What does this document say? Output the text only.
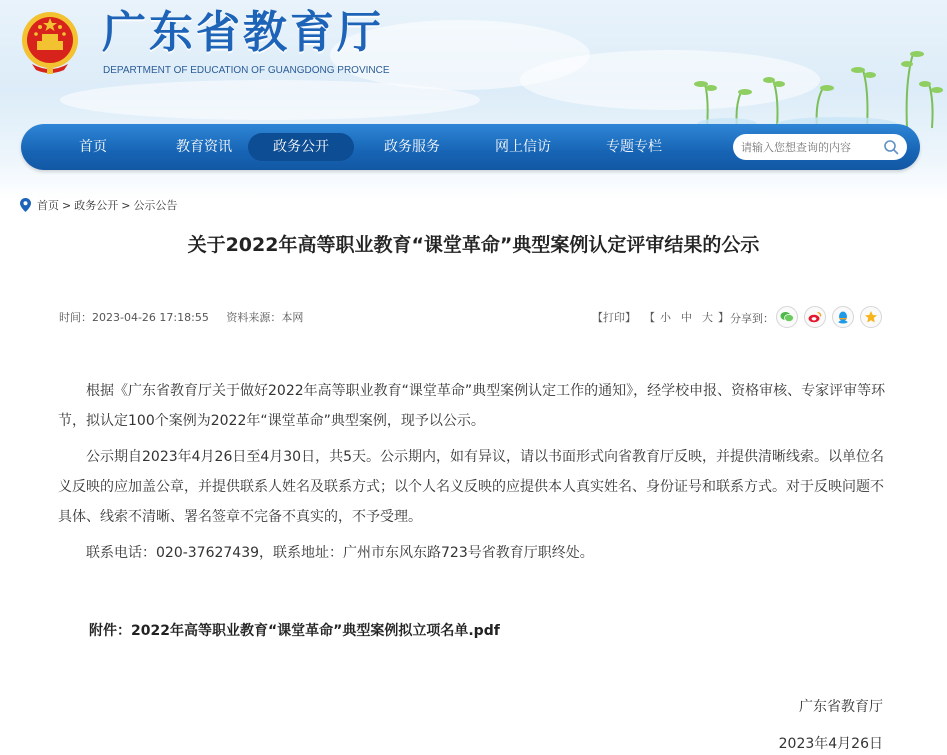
广东省教育厅
DEPARTMENT OF EDUCATION OF GUANGDONG PROVINCE
首页	教育资讯	政务公开	政务服务	网上信访	专题专栏
请输入您想查询的内容
首页 > 政务公开 > 公示公告
关于2022年高等职业教育“课堂革命”典型案例认定评审结果的公示
时间：2023-04-26 17:18:55 资料来源：本网	【打印】 【 小 中 大 】 分享到：

根据《广东省教育厅关于做好2022年高等职业教育“课堂革命”典型案例认定工作的通知》，经学校申报、资格审核、专家评审等环节，拟认定100个案例为2022年“课堂革命”典型案例，现予以公示。

公示期自2023年4月26日至4月30日，共5天。公示期内，如有异议，请以书面形式向省教育厅反映，并提供清晰线索。以单位名义反映的应加盖公章，并提供联系人姓名及联系方式；以个人名义反映的应提供本人真实姓名、身份证号和联系方式。对于反映问题不具体、线索不清晰、署名签章不完备不真实的，不予受理。

联系电话：020-37627439，联系地址：广州市东风东路723号省教育厅职终处。

附件：2022年高等职业教育“课堂革命”典型案例拟立项名单.pdf
广东省教育厅
2023年4月26日
